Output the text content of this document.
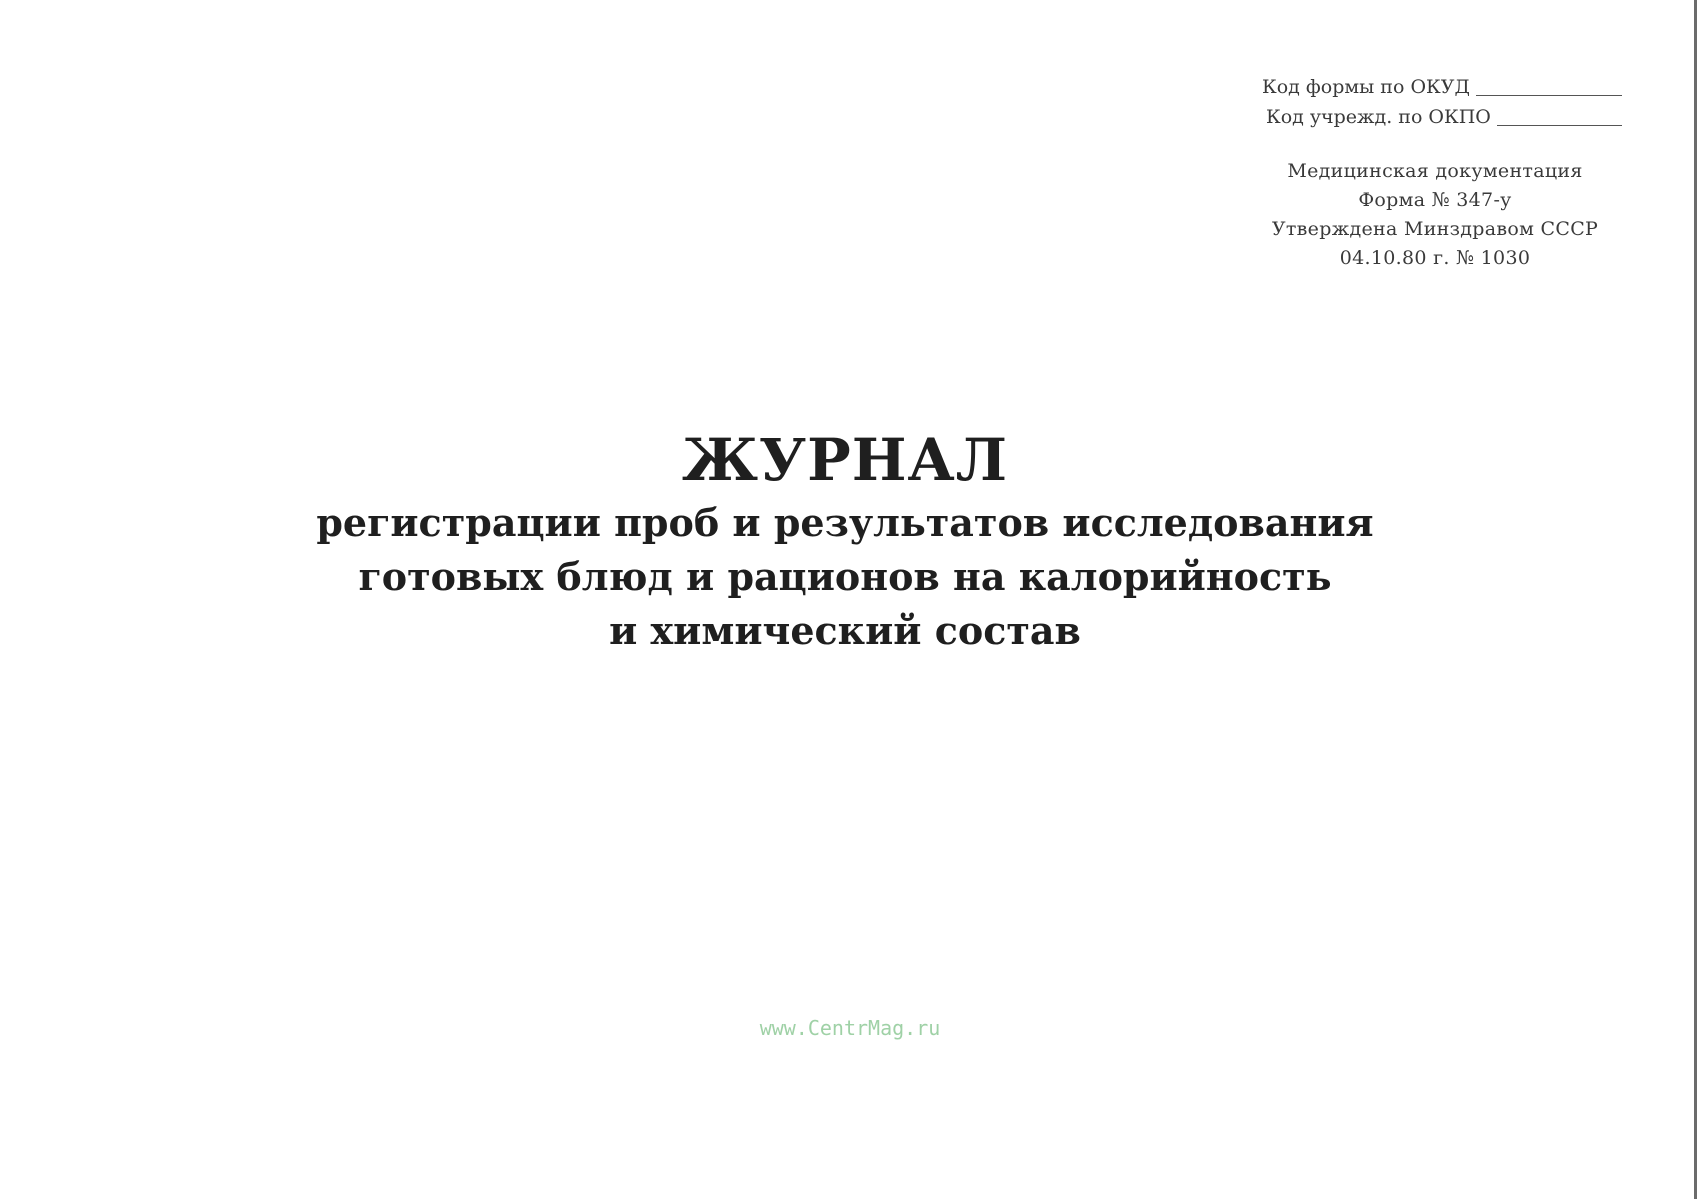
Код формы по ОКУД
Код учрежд. по ОКПО
Медицинская документация
Форма № 347-у
Утверждена Минздравом СССР
04.10.80 г. № 1030
ЖУРНАЛ
регистрации проб и результатов исследования
готовых блюд и рационов на калорийность
и химический состав
www.CentrMag.ru
